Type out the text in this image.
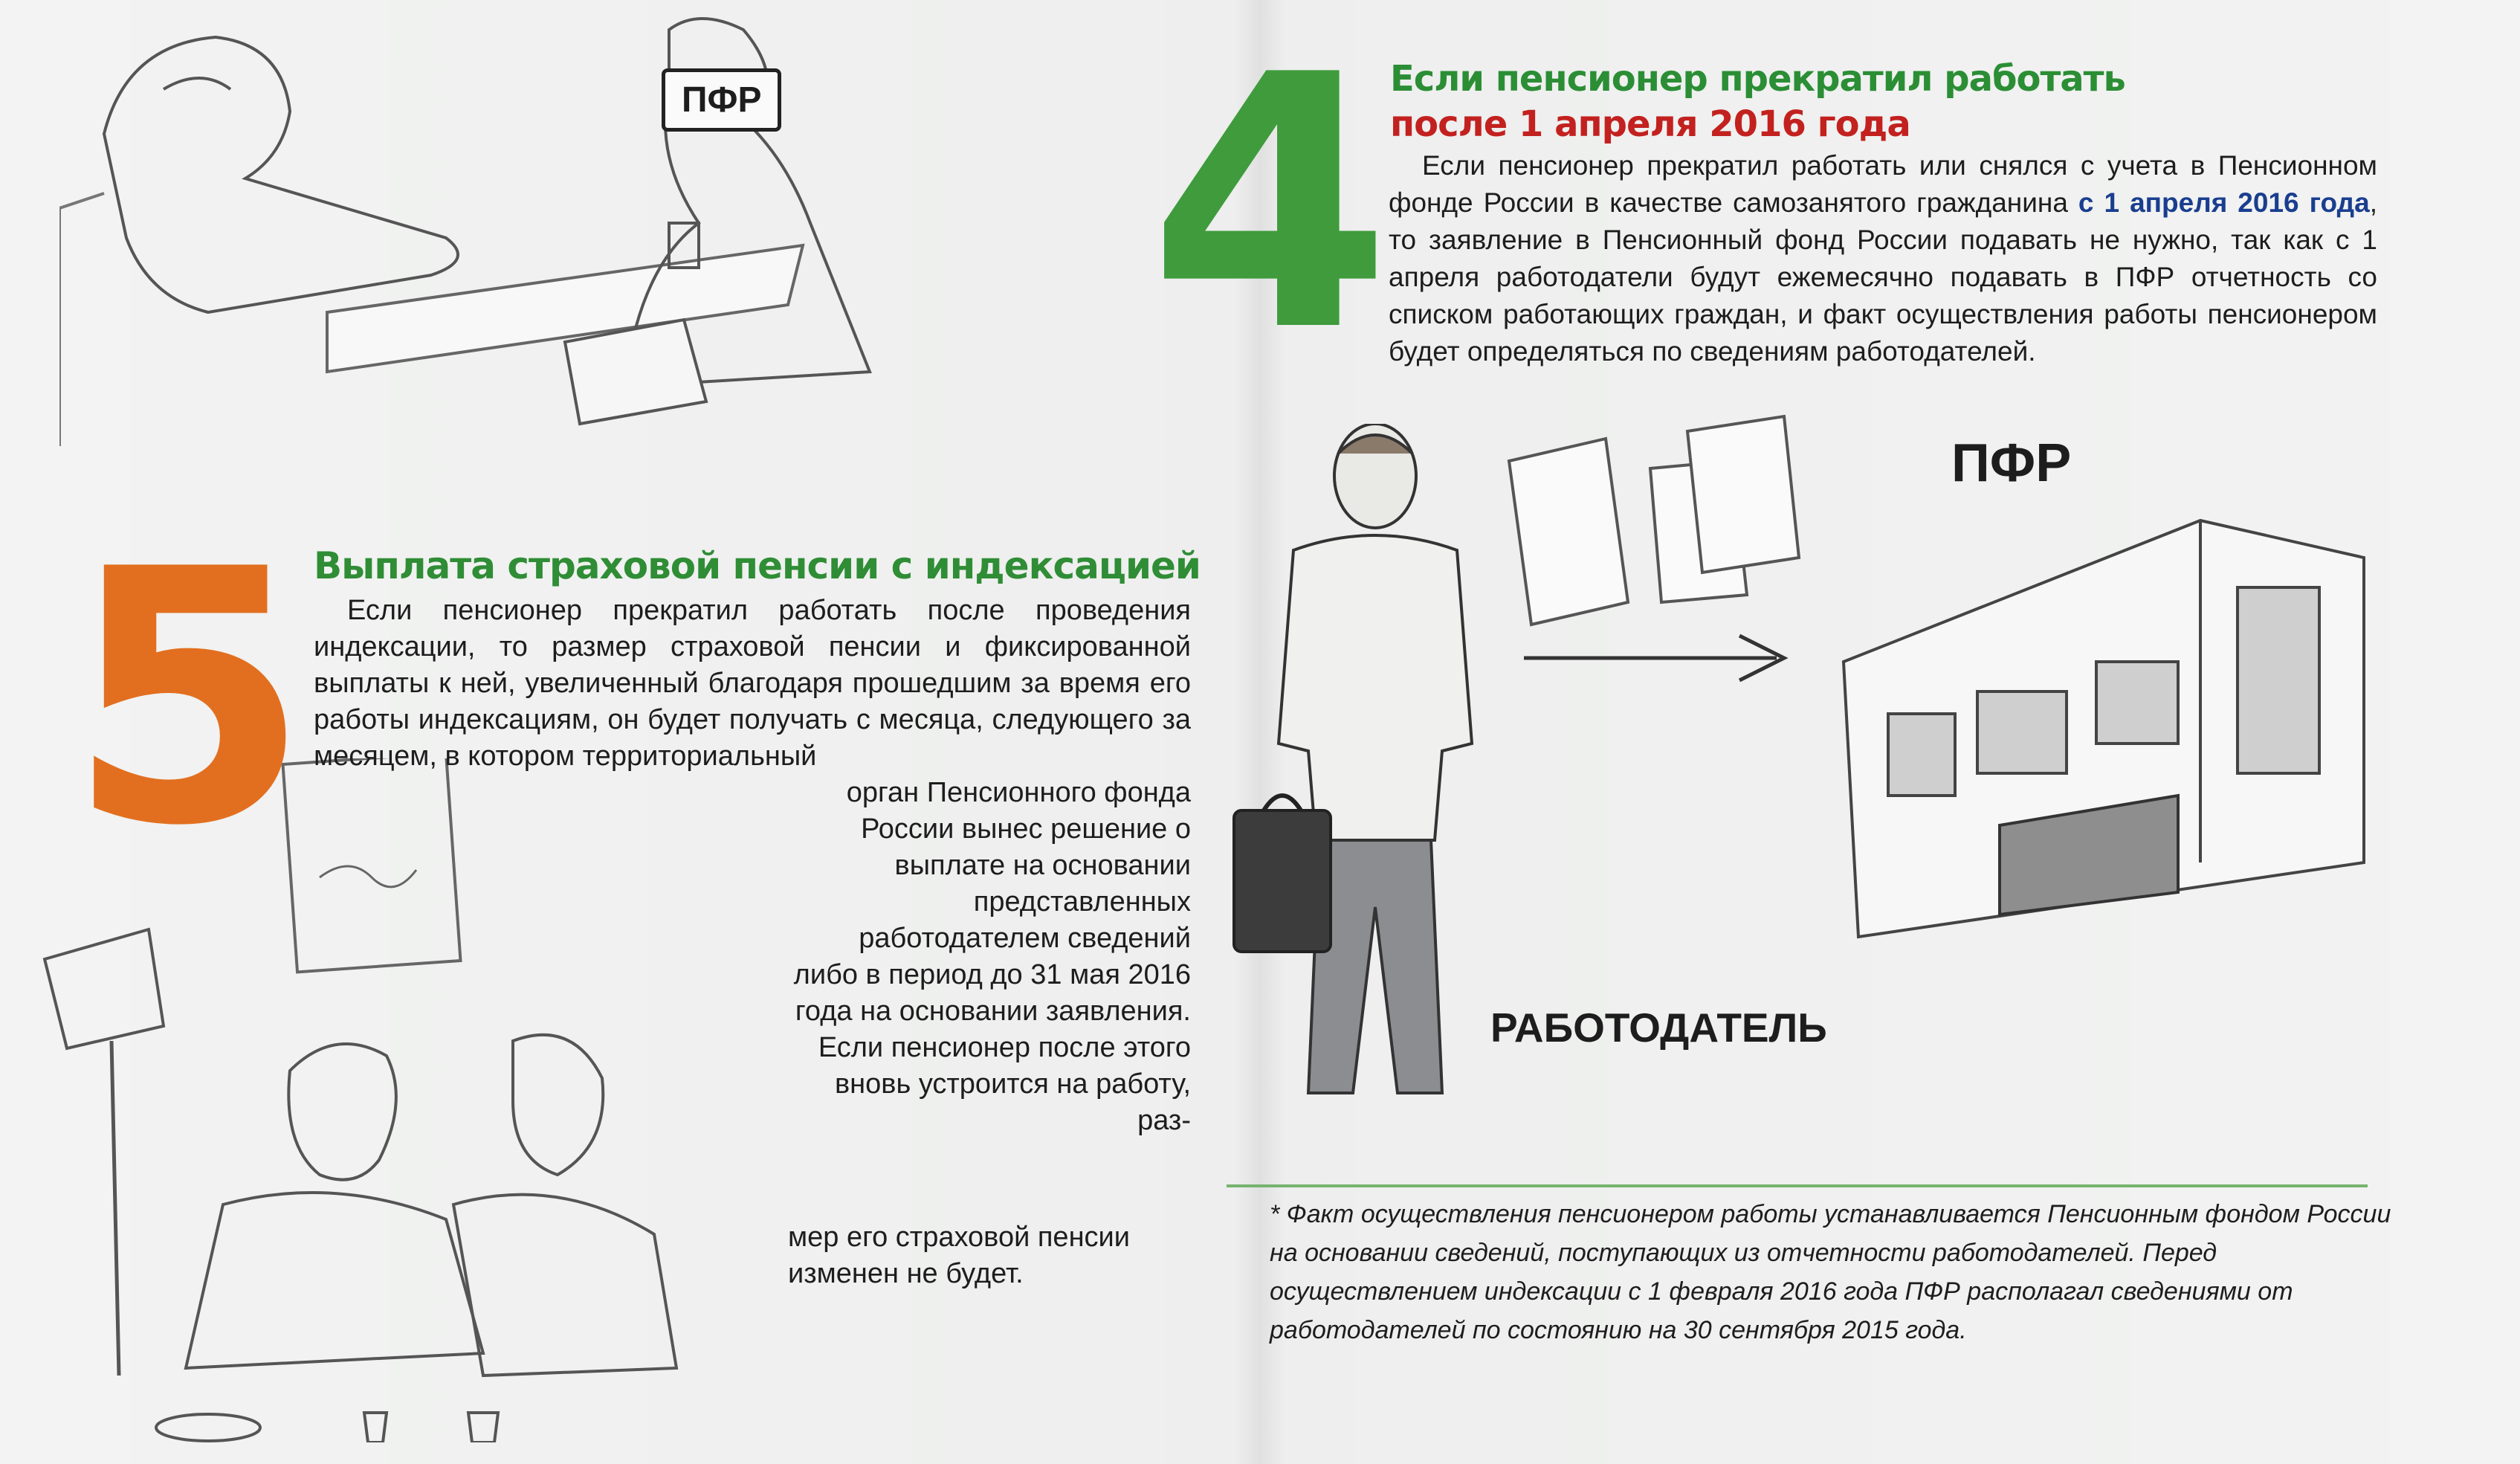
ПФР 4 Если пенсионер прекратил работать
после 1 апреля 2016 года
Если пенсионер прекратил работать или снялся с учета в Пенсионном фонде России в качестве самозанятого гражданина с 1 апреля 2016 года, то заявление в Пенсионный фонд России подавать не нужно, так как с 1 апреля работодатели будут ежемесячно подавать в ПФР отчетность со списком работающих граждан, и факт осуществления работы пенсионером будет определяться по сведениям работодателей.
ПФР
РАБОТОДАТЕЛЬ
5 Выплата страховой пенсии с индексацией
Если пенсионер прекратил работать после проведения индексации, то размер страховой пенсии и фиксированной выплаты к ней, увеличенный благодаря прошедшим за время его работы индексациям, он будет получать с месяца, следующего за месяцем, в котором территориальный
орган Пенсионного фонда России вынес решение о выплате на основании представленных работодателем сведений либо в период до 31 мая 2016 года на основании заявления. Если пенсионер после этого вновь устроится на работу, раз-
мер его страховой пенсии изменен не будет.
* Факт осуществления пенсионером работы устанавливается Пенсионным фондом России на основании сведений, поступающих из отчетности работодателей. Перед осуществлением индексации с 1 февраля 2016 года ПФР располагал сведениями от работодателей по состоянию на 30 сентября 2015 года.
